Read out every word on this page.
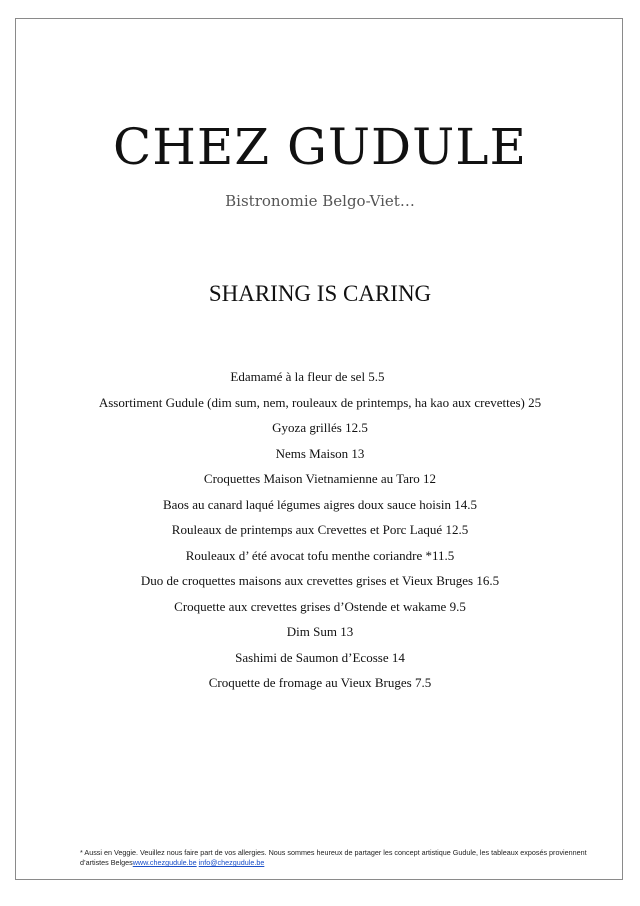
CHEZ GUDULE
Bistronomie Belgo-Viet…
SHARING IS CARING
Edamamé à la fleur de sel 5.5
Assortiment Gudule (dim sum, nem, rouleaux de printemps, ha kao aux crevettes) 25
Gyoza grillés 12.5
Nems Maison 13
Croquettes Maison Vietnamienne au Taro 12
Baos au canard laqué légumes aigres doux sauce hoisin 14.5
Rouleaux de printemps aux Crevettes et Porc Laqué 12.5
Rouleaux d’ été avocat tofu menthe coriandre *11.5
Duo de croquettes maisons aux crevettes grises et Vieux Bruges 16.5
Croquette aux crevettes grises d’Ostende et wakame 9.5
Dim Sum 13
Sashimi de Saumon d’Ecosse 14
Croquette de fromage au Vieux Bruges 7.5
* Aussi en Veggie. Veuillez nous faire part de vos allergies. Nous sommes heureux de partager les concept artistique Gudule, les tableaux exposés proviennent d’artistes Belgeswww.chezgudule.be info@chezgudule.be
